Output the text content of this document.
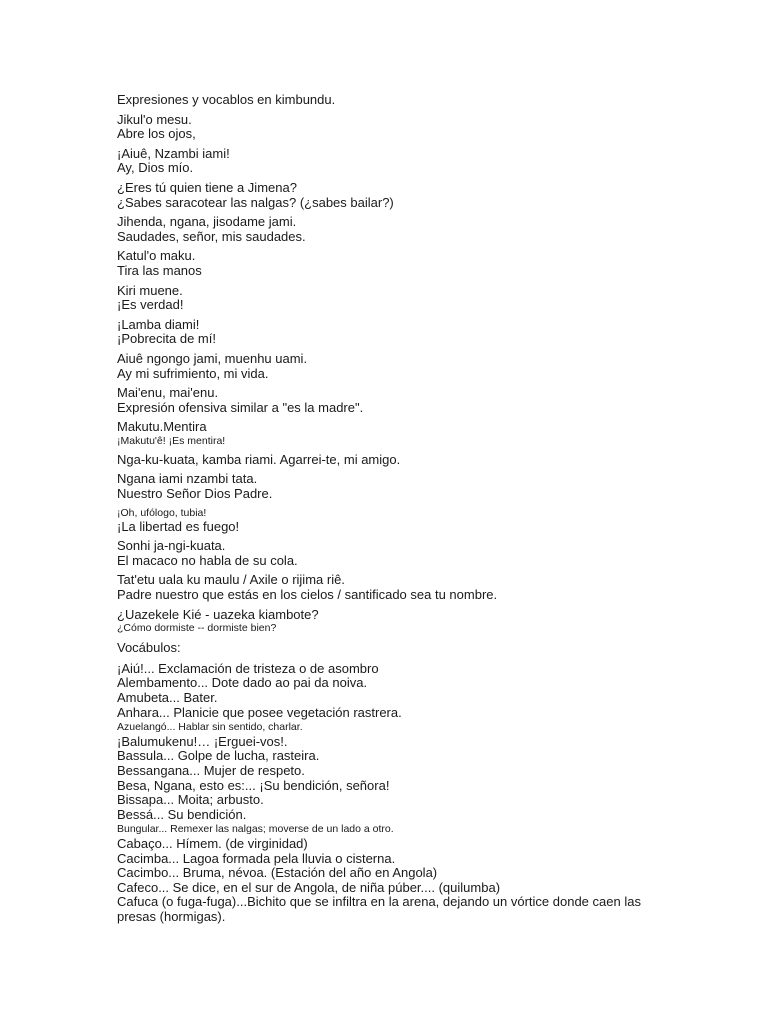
Expresiones y vocablos en kimbundu.
Jikul'o mesu.
Abre los ojos,
¡Aiuê, Nzambi iami!
Ay, Dios mío.
¿Eres tú quien tiene a Jimena?
¿Sabes saracotear las nalgas? (¿sabes bailar?)
Jihenda, ngana, jisodame jami.
Saudades, señor, mis saudades.
Katul'o maku.
Tira las manos
Kiri muene.
¡Es verdad!
¡Lamba diami!
¡Pobrecita de mí!
Aiuê ngongo jami, muenhu uami.
Ay mi sufrimiento, mi vida.
Mai'enu, mai'enu.
Expresión ofensiva similar a "es la madre".
Makutu.Mentira
¡Makutu'ê! ¡Es mentira!
Nga-ku-kuata, kamba riami. Agarrei-te, mi amigo.
Ngana iami nzambi tata.
Nuestro Señor Dios Padre.
¡Oh, ufólogo, tubia!
¡La libertad es fuego!
Sonhi ja-ngi-kuata.
El macaco no habla de su cola.
Tat'etu uala ku maulu / Axile o rijima riê.
Padre nuestro que estás en los cielos / santificado sea tu nombre.
¿Uazekele Kié - uazeka kiambote?
¿Cómo dormiste -- dormiste bien?
Vocábulos:
¡Aiú!... Exclamación de tristeza o de asombro
Alembamento... Dote dado ao pai da noiva.
Amubeta... Bater.
Anhara... Planicie que posee vegetación rastrera.
Azuelangó... Hablar sin sentido, charlar.
¡Balumukenu!… ¡Erguei-vos!.
Bassula... Golpe de lucha, rasteira.
Bessangana... Mujer de respeto.
Besa, Ngana, esto es:... ¡Su bendición, señora!
Bissapa... Moita; arbusto.
Bessá... Su bendición.
Bungular... Remexer las nalgas; moverse de un lado a otro.
Cabaço... Hímem. (de virginidad)
Cacimba... Lagoa formada pela lluvia o cisterna.
Cacimbo... Bruma, névoa. (Estación del año en Angola)
Cafeco... Se dice, en el sur de Angola, de niña púber.... (quilumba)
Cafuca (o fuga-fuga)...Bichito que se infiltra en la arena, dejando un vórtice donde caen las presas (hormigas).
